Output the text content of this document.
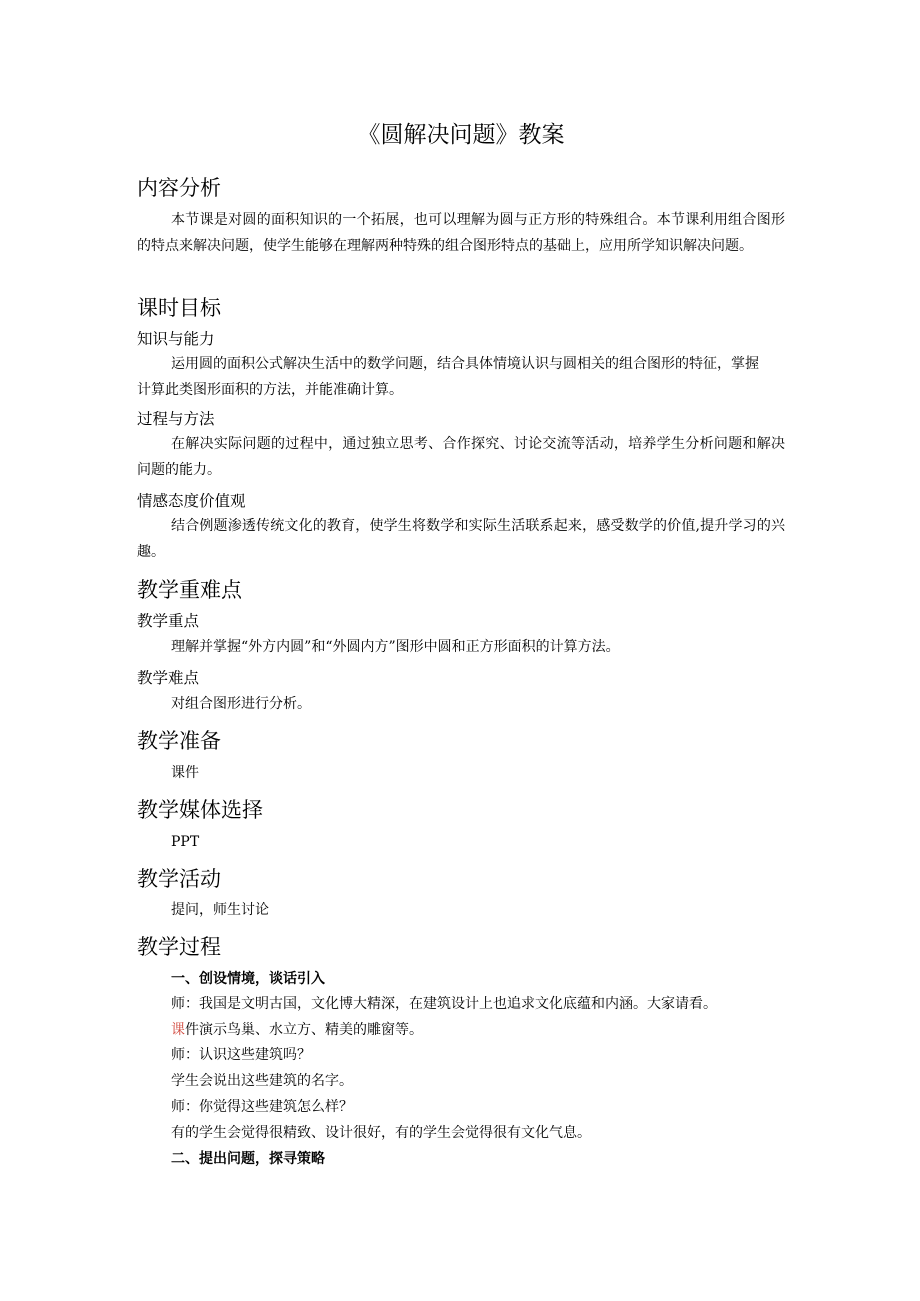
《圆解决问题》教案
内容分析

本节课是对圆的面积知识的一个拓展，也可以理解为圆与正方形的特殊组合。本节课利用组合图形的特点来解决问题，使学生能够在理解两种特殊的组合图形特点的基础上，应用所学知识解决问题。

课时目标
知识与能力

运用圆的面积公式解决生活中的数学问题，结合具体情境认识与圆相关的组合图形的特征，掌握计算此类图形面积的方法，并能准确计算。

过程与方法

在解决实际问题的过程中，通过独立思考、合作探究、讨论交流等活动，培养学生分析问题和解决问题的能力。

情感态度价值观

结合例题渗透传统文化的教育，使学生将数学和实际生活联系起来，感受数学的价值,提升学习的兴趣。

教学重难点
教学重点
理解并掌握“外方内圆”和“外圆内方”图形中圆和正方形面积的计算方法。
教学难点
对组合图形进行分析。
教学准备
课件
教学媒体选择
PPT
教学活动
提问，师生讨论
教学过程
一、创设情境，谈话引入
师：我国是文明古国，文化博大精深，在建筑设计上也追求文化底蕴和内涵。大家请看。
课件演示鸟巢、水立方、精美的雕窗等。
师：认识这些建筑吗？
学生会说出这些建筑的名字。
师：你觉得这些建筑怎么样？
有的学生会觉得很精致、设计很好，有的学生会觉得很有文化气息。
二、提出问题，探寻策略
